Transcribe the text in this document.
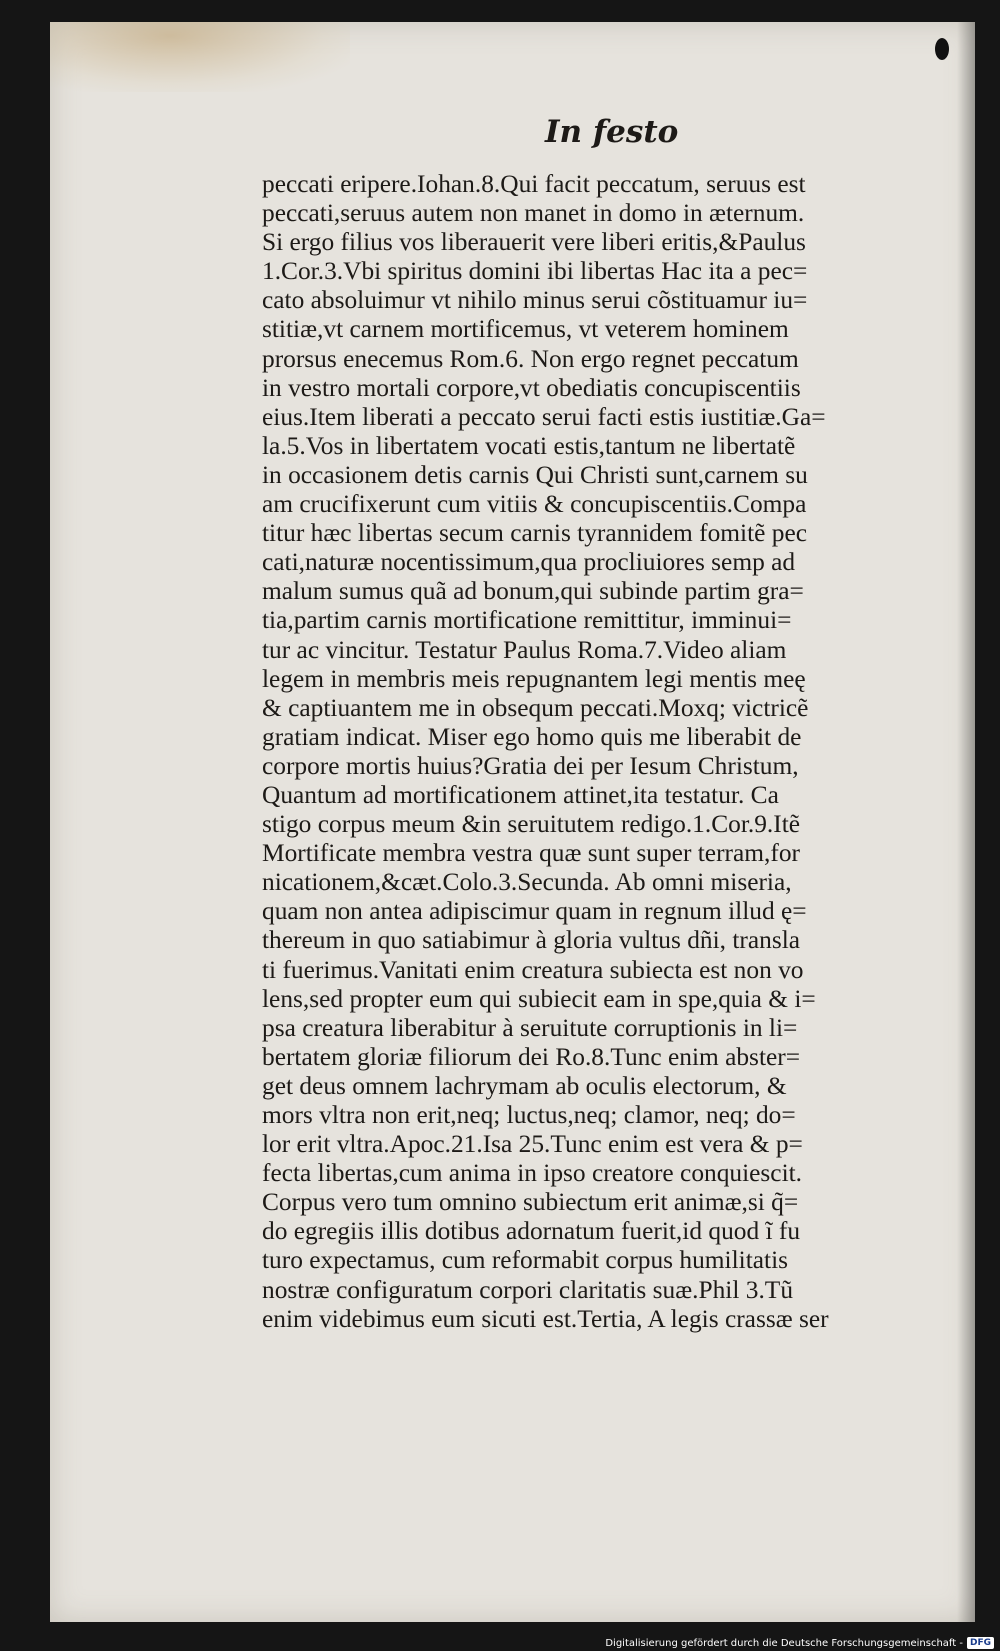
In festo
peccati eripere.Iohan.8.Qui facit peccatum, seruus est
peccati,seruus autem non manet in domo in æternum.
Si ergo filius vos liberauerit vere liberi eritis,&Paulus
1.Cor.3.Vbi spiritus domini ibi libertas Hac ita a pec=
cato absoluimur vt nihilo minus serui cõstituamur iu=
stitiæ,vt carnem mortificemus, vt veterem hominem
prorsus enecemus Rom.6. Non ergo regnet peccatum
in vestro mortali corpore,vt obediatis concupiscentiis
eius.Item liberati a peccato serui facti estis iustitiæ.Ga=
la.5.Vos in libertatem vocati estis,tantum ne libertatẽ
in occasionem detis carnis Qui Christi sunt,carnem su
am crucifixerunt cum vitiis & concupiscentiis.Compa
titur hæc libertas secum carnis tyrannidem fomitẽ pec
cati,naturæ nocentissimum,qua procliuiores semp ad
malum sumus quã ad bonum,qui subinde partim gra=
tia,partim carnis mortificatione remittitur, imminui=
tur ac vincitur. Testatur Paulus Roma.7.Video aliam
legem in membris meis repugnantem legi mentis meę
& captiuantem me in obsequm peccati.Moxq; victricẽ
gratiam indicat. Miser ego homo quis me liberabit de
corpore mortis huius?Gratia dei per Iesum Christum,
Quantum ad mortificationem attinet,ita testatur. Ca
stigo corpus meum &in seruitutem redigo.1.Cor.9.Itẽ
Mortificate membra vestra quæ sunt super terram,for
nicationem,&cæt.Colo.3.Secunda. Ab omni miseria,
quam non antea adipiscimur quam in regnum illud ę=
thereum in quo satiabimur à gloria vultus dñi, transla
ti fuerimus.Vanitati enim creatura subiecta est non vo
lens,sed propter eum qui subiecit eam in spe,quia & i=
psa creatura liberabitur à seruitute corruptionis in li=
bertatem gloriæ filiorum dei Ro.8.Tunc enim abster=
get deus omnem lachrymam ab oculis electorum, &
mors vltra non erit,neq; luctus,neq; clamor, neq; do=
lor erit vltra.Apoc.21.Isa 25.Tunc enim est vera & p=
fecta libertas,cum anima in ipso creatore conquiescit.
Corpus vero tum omnino subiectum erit animæ,si q̃=
do egregiis illis dotibus adornatum fuerit,id quod ĩ fu
turo expectamus, cum reformabit corpus humilitatis
nostræ configuratum corpori claritatis suæ.Phil 3.Tũ
enim videbimus eum sicuti est.Tertia, A legis crassæ ser
Digitalisierung gefördert durch die Deutsche Forschungsgemeinschaft - DFG
